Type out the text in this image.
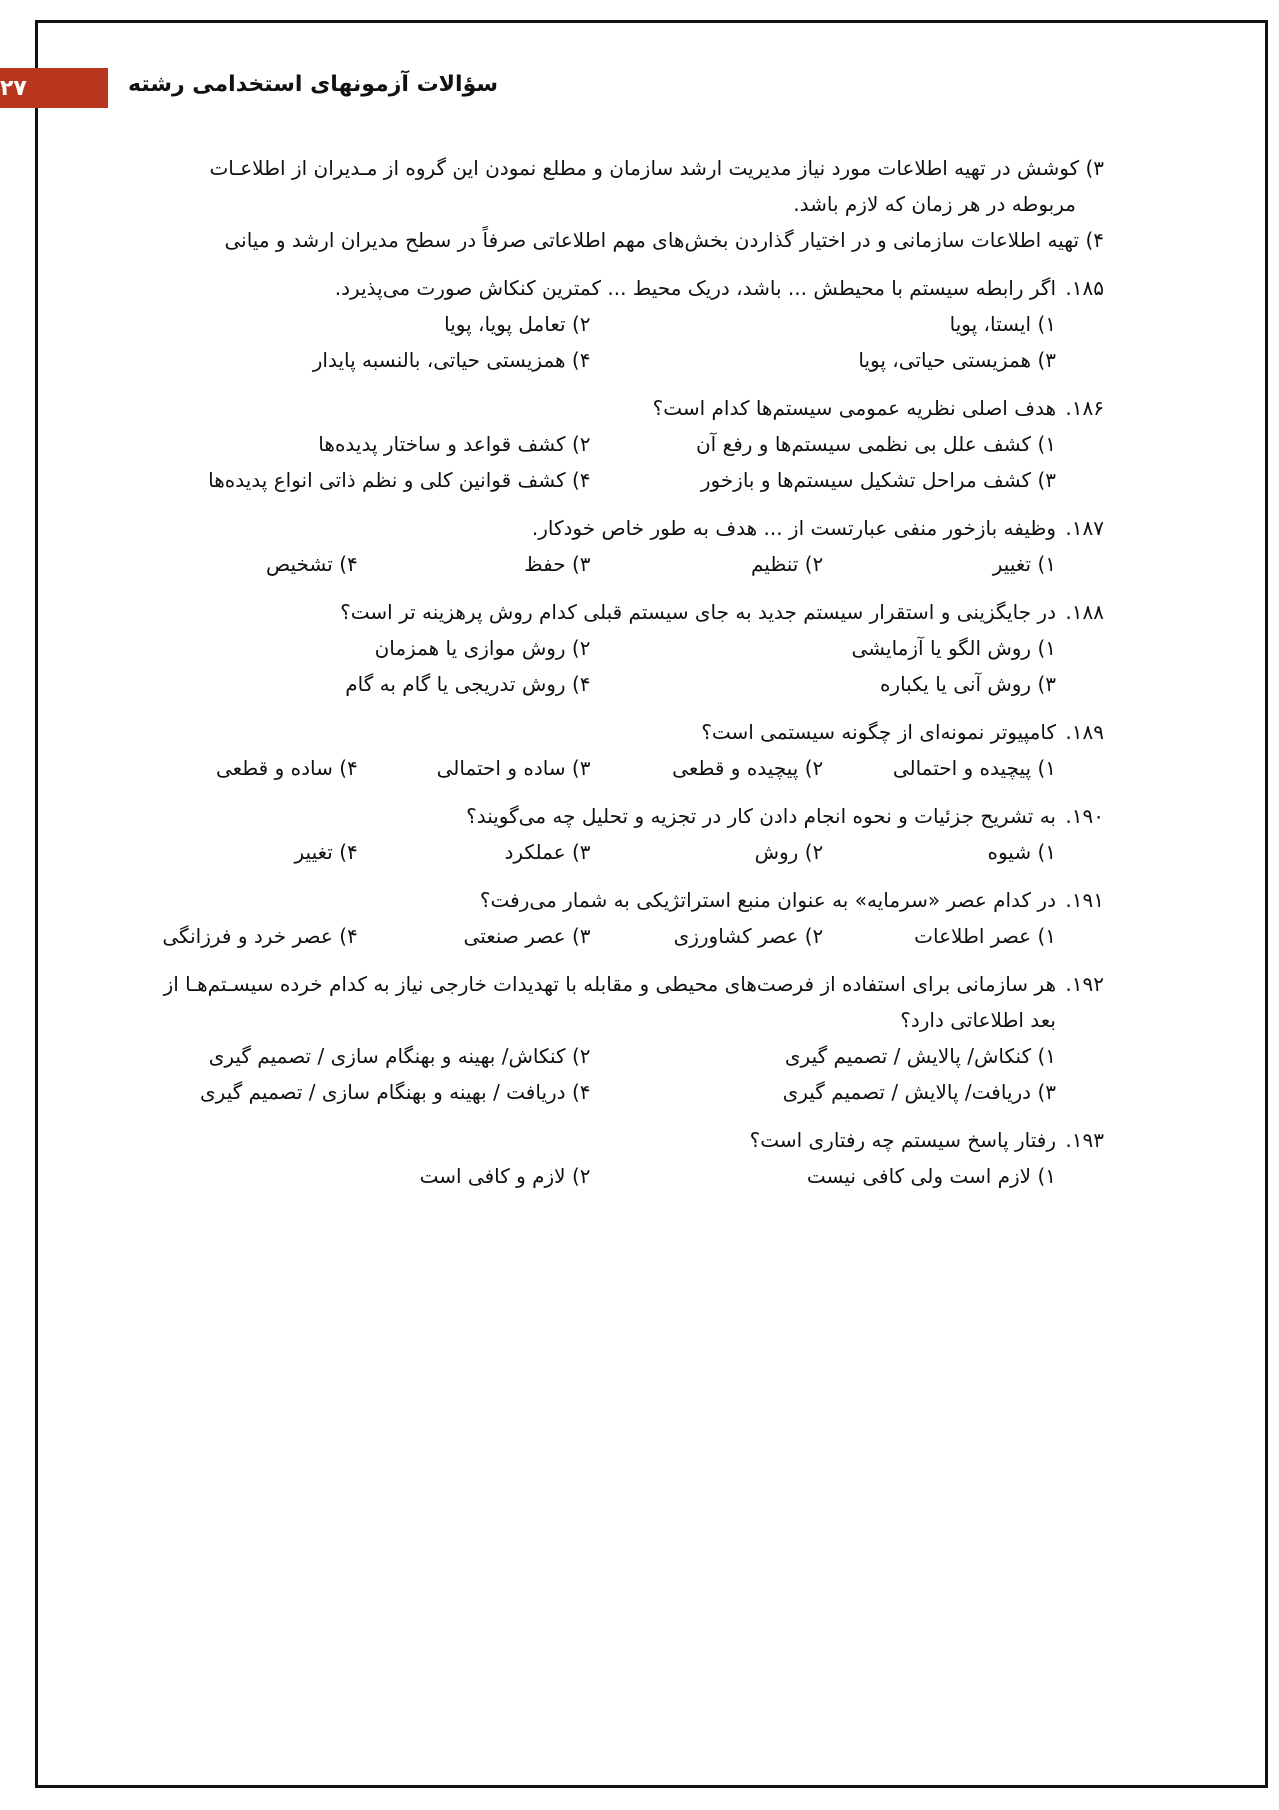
۲۷	سؤالات آزمونهای استخدامی رشته

۳) کوشش در تهیه اطلاعات مورد نیاز مدیریت ارشد سازمان و مطلع نمودن این گروه از مـدیران از اطلاعـات

مربوطه در هر زمان که لازم باشد.

۴) تهیه اطلاعات سازمانی و در اختیار گذاردن بخش‌های مهم اطلاعاتی صرفاً در سطح مدیران ارشد و میانی

۱۸۵.اگر رابطه سیستم با محیطش ... باشد، دریک محیط ... کمترین کنکاش صورت می‌پذیرد.

۱) ایستا، پویا
۲) تعامل پویا، پویا
۳) همزیستی حیاتی، پویا
۴) همزیستی حیاتی، بالنسبه پایدار

۱۸۶.هدف اصلی نظریه عمومی سیستم‌ها کدام است؟

۱) کشف علل بی نظمی سیستم‌ها و رفع آن
۲) کشف قواعد و ساختار پدیده‌ها
۳) کشف مراحل تشکیل سیستم‌ها و بازخور
۴) کشف قوانین کلی و نظم ذاتی انواع پدیده‌ها

۱۸۷.وظیفه بازخور منفی عبارتست از ... هدف به طور خاص خودکار.

۱) تغییر
۲) تنظیم
۳) حفظ
۴) تشخیص

۱۸۸.در جایگزینی و استقرار سیستم جدید به جای سیستم قبلی کدام روش پرهزینه تر است؟

۱) روش الگو یا آزمایشی
۲) روش موازی یا همزمان
۳) روش آنی یا یکباره
۴) روش تدریجی یا گام به گام

۱۸۹.کامپیوتر نمونه‌ای از چگونه سیستمی است؟

۱) پیچیده و احتمالی
۲) پیچیده و قطعی
۳) ساده و احتمالی
۴) ساده و قطعی

۱۹۰.به تشریح جزئیات و نحوه انجام دادن کار در تجزیه و تحلیل چه می‌گویند؟

۱) شیوه
۲) روش
۳) عملکرد
۴) تغییر

۱۹۱.در کدام عصر «سرمایه» به عنوان منبع استراتژیکی به شمار می‌رفت؟

۱) عصر اطلاعات
۲) عصر کشاورزی
۳) عصر صنعتی
۴) عصر خرد و فرزانگی

۱۹۲.هر سازمانی برای استفاده از فرصت‌های محیطی و مقابله با تهدیدات خارجی نیاز به کدام خرده سیسـتم‌هـا از

بعد اطلاعاتی دارد؟

۱) کنکاش/ پالایش / تصمیم گیری
۲) کنکاش/ بهینه و بهنگام سازی / تصمیم گیری
۳) دریافت/ پالایش / تصمیم گیری
۴) دریافت / بهینه و بهنگام سازی / تصمیم گیری

۱۹۳.رفتار پاسخ سیستم چه رفتاری است؟

۱) لازم است ولی کافی نیست
۲) لازم و کافی است
